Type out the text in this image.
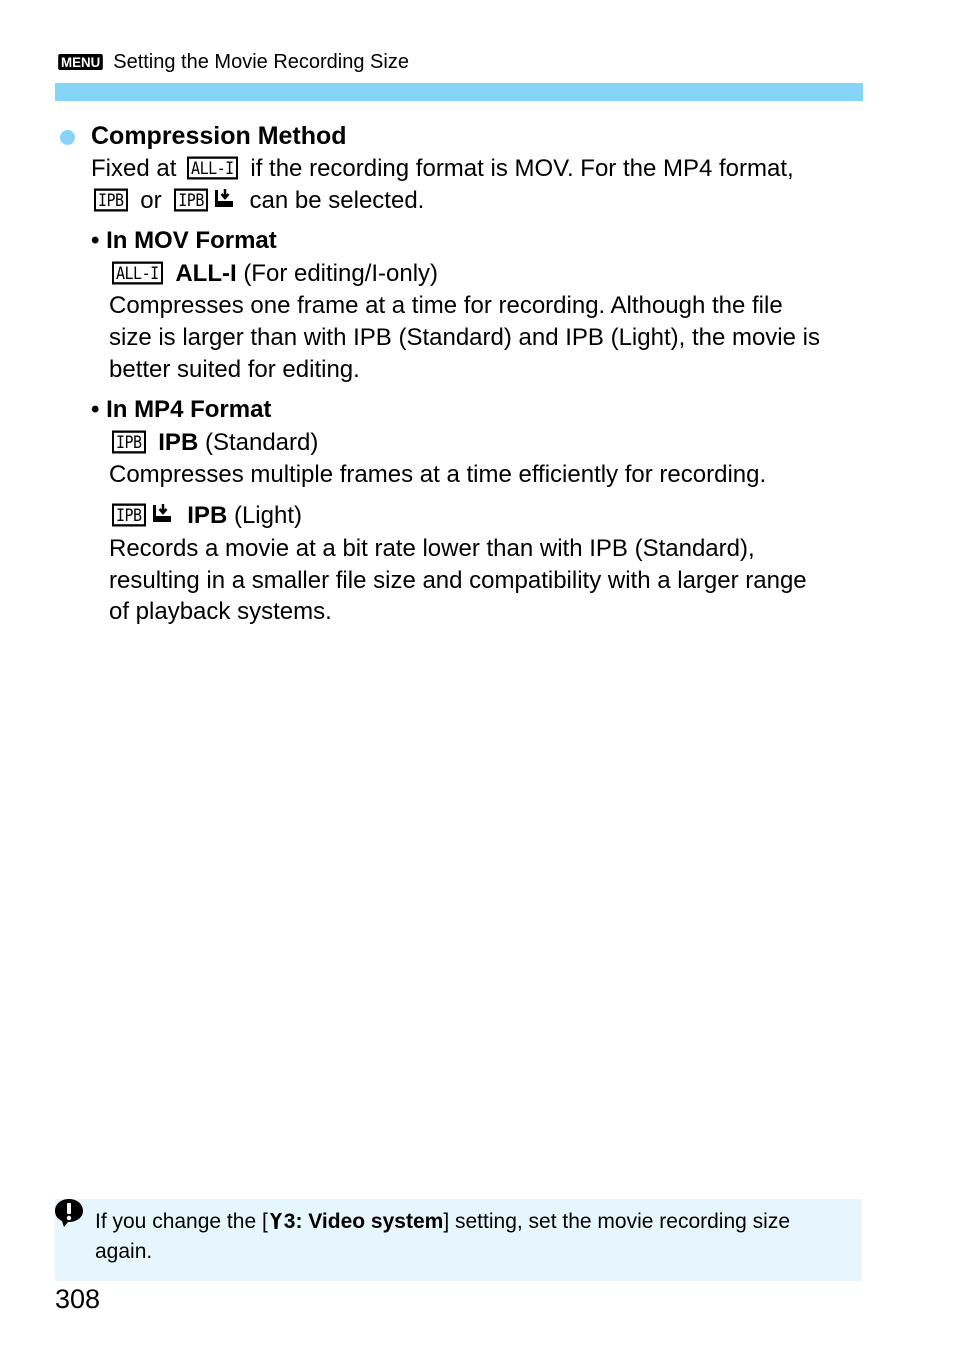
MENU Setting the Movie Recording Size
Compression Method
Fixed at ALL-I if the recording format is MOV. For the MP4 format,
IPB or IPB can be selected.
• In MOV Format
ALL-I ALL-I (For editing/I-only)
Compresses one frame at a time for recording. Although the file
size is larger than with IPB (Standard) and IPB (Light), the movie is
better suited for editing.
• In MP4 Format
IPB IPB (Standard)
Compresses multiple frames at a time efficiently for recording.
IPB IPB (Light)
Records a movie at a bit rate lower than with IPB (Standard),
resulting in a smaller file size and compatibility with a larger range
of playback systems.
If you change the [ 3: Video system] setting, set the movie recording size
again.
308
